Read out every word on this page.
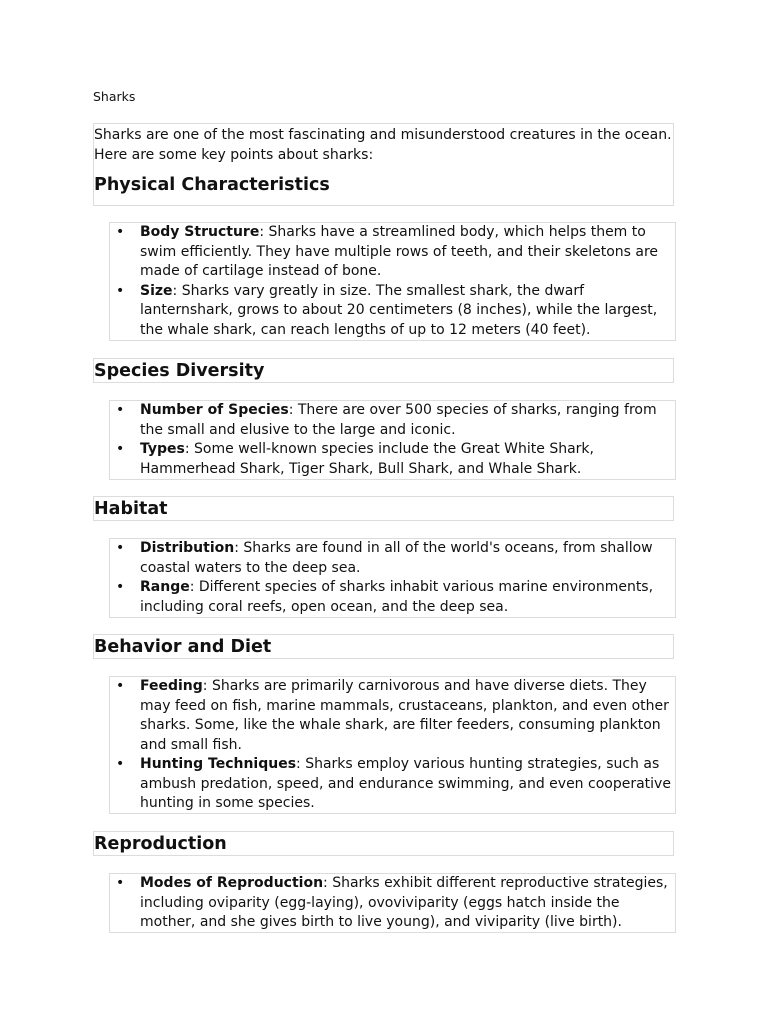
Sharks

Sharks are one of the most fascinating and misunderstood creatures in the ocean. Here are some key points about sharks:

Physical Characteristics
• Body Structure: Sharks have a streamlined body, which helps them to swim efficiently. They have multiple rows of teeth, and their skeletons are made of cartilage instead of bone.
• Size: Sharks vary greatly in size. The smallest shark, the dwarf lanternshark, grows to about 20 centimeters (8 inches), while the largest, the whale shark, can reach lengths of up to 12 meters (40 feet).
Species Diversity
• Number of Species: There are over 500 species of sharks, ranging from the small and elusive to the large and iconic.
• Types: Some well-known species include the Great White Shark, Hammerhead Shark, Tiger Shark, Bull Shark, and Whale Shark.
Habitat
• Distribution: Sharks are found in all of the world's oceans, from shallow coastal waters to the deep sea.
• Range: Different species of sharks inhabit various marine environments, including coral reefs, open ocean, and the deep sea.
Behavior and Diet
• Feeding: Sharks are primarily carnivorous and have diverse diets. They may feed on fish, marine mammals, crustaceans, plankton, and even other sharks. Some, like the whale shark, are filter feeders, consuming plankton and small fish.
• Hunting Techniques: Sharks employ various hunting strategies, such as ambush predation, speed, and endurance swimming, and even cooperative hunting in some species.
Reproduction
• Modes of Reproduction: Sharks exhibit different reproductive strategies, including oviparity (egg-laying), ovoviviparity (eggs hatch inside the mother, and she gives birth to live young), and viviparity (live birth).
